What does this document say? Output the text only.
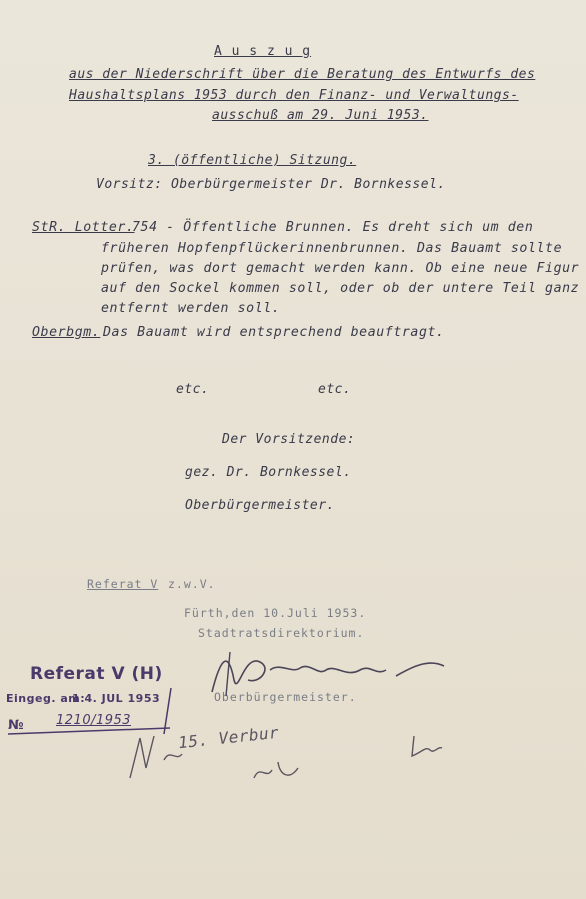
A u s z u g
aus der Niederschrift über die Beratung des Entwurfs des
Haushaltsplans 1953 durch den Finanz- und Verwaltungs-
ausschuß am 29. Juni 1953.
3. (öffentliche) Sitzung.
Vorsitz: Oberbürgermeister Dr. Bornkessel.
StR. Lotter.
754 - Öffentliche Brunnen. Es dreht sich um den
früheren Hopfenpflückerinnenbrunnen. Das Bauamt sollte
prüfen, was dort gemacht werden kann. Ob eine neue Figur
auf den Sockel kommen soll, oder ob der untere Teil ganz
entfernt werden soll.
Oberbgm. Das Bauamt wird entsprechend beauftragt.
etc.	etc.
Der Vorsitzende:
gez. Dr. Bornkessel.
Oberbürgermeister.
Referat V z.w.V.
Fürth,den 10.Juli 1953.
Stadtratsdirektorium.
Oberbürgermeister.
Referat V (H)
Eingeg. am:
1 4. JUL 1953
№ 1210/1953
15. Verbur
